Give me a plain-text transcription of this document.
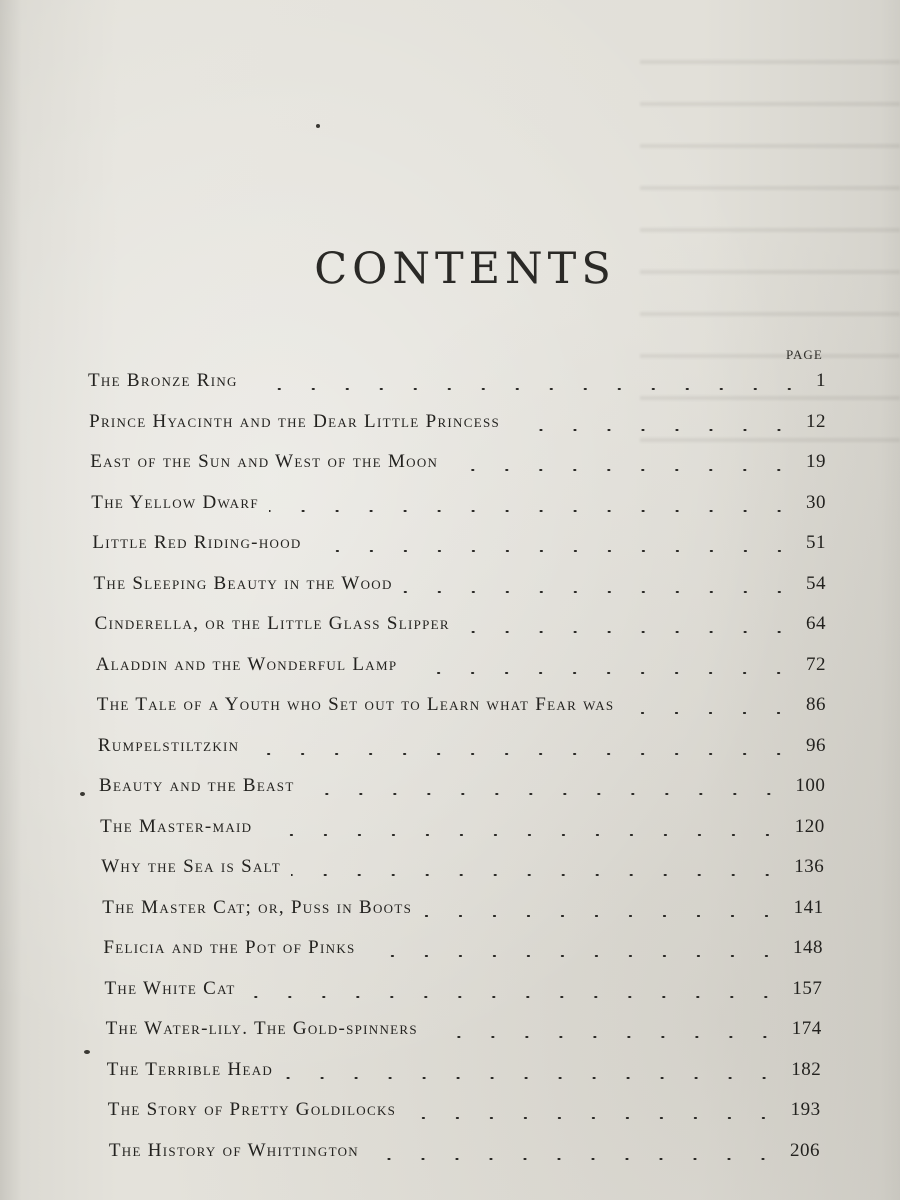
CONTENTS
PAGE
The Bronze Ring	1
Prince Hyacinth and the Dear Little Princess	12
East of the Sun and West of the Moon	19
The Yellow Dwarf	30
Little Red Riding-hood	51
The Sleeping Beauty in the Wood	54
Cinderella, or the Little Glass Slipper	64
Aladdin and the Wonderful Lamp	72
The Tale of a Youth who Set out to Learn what Fear was	86
Rumpelstiltzkin	96
Beauty and the Beast	100
The Master-maid	120
Why the Sea is Salt	136
The Master Cat; or, Puss in Boots	141
Felicia and the Pot of Pinks	148
The White Cat	157
The Water-lily. The Gold-spinners	174
The Terrible Head	182
The Story of Pretty Goldilocks	193
The History of Whittington	206
